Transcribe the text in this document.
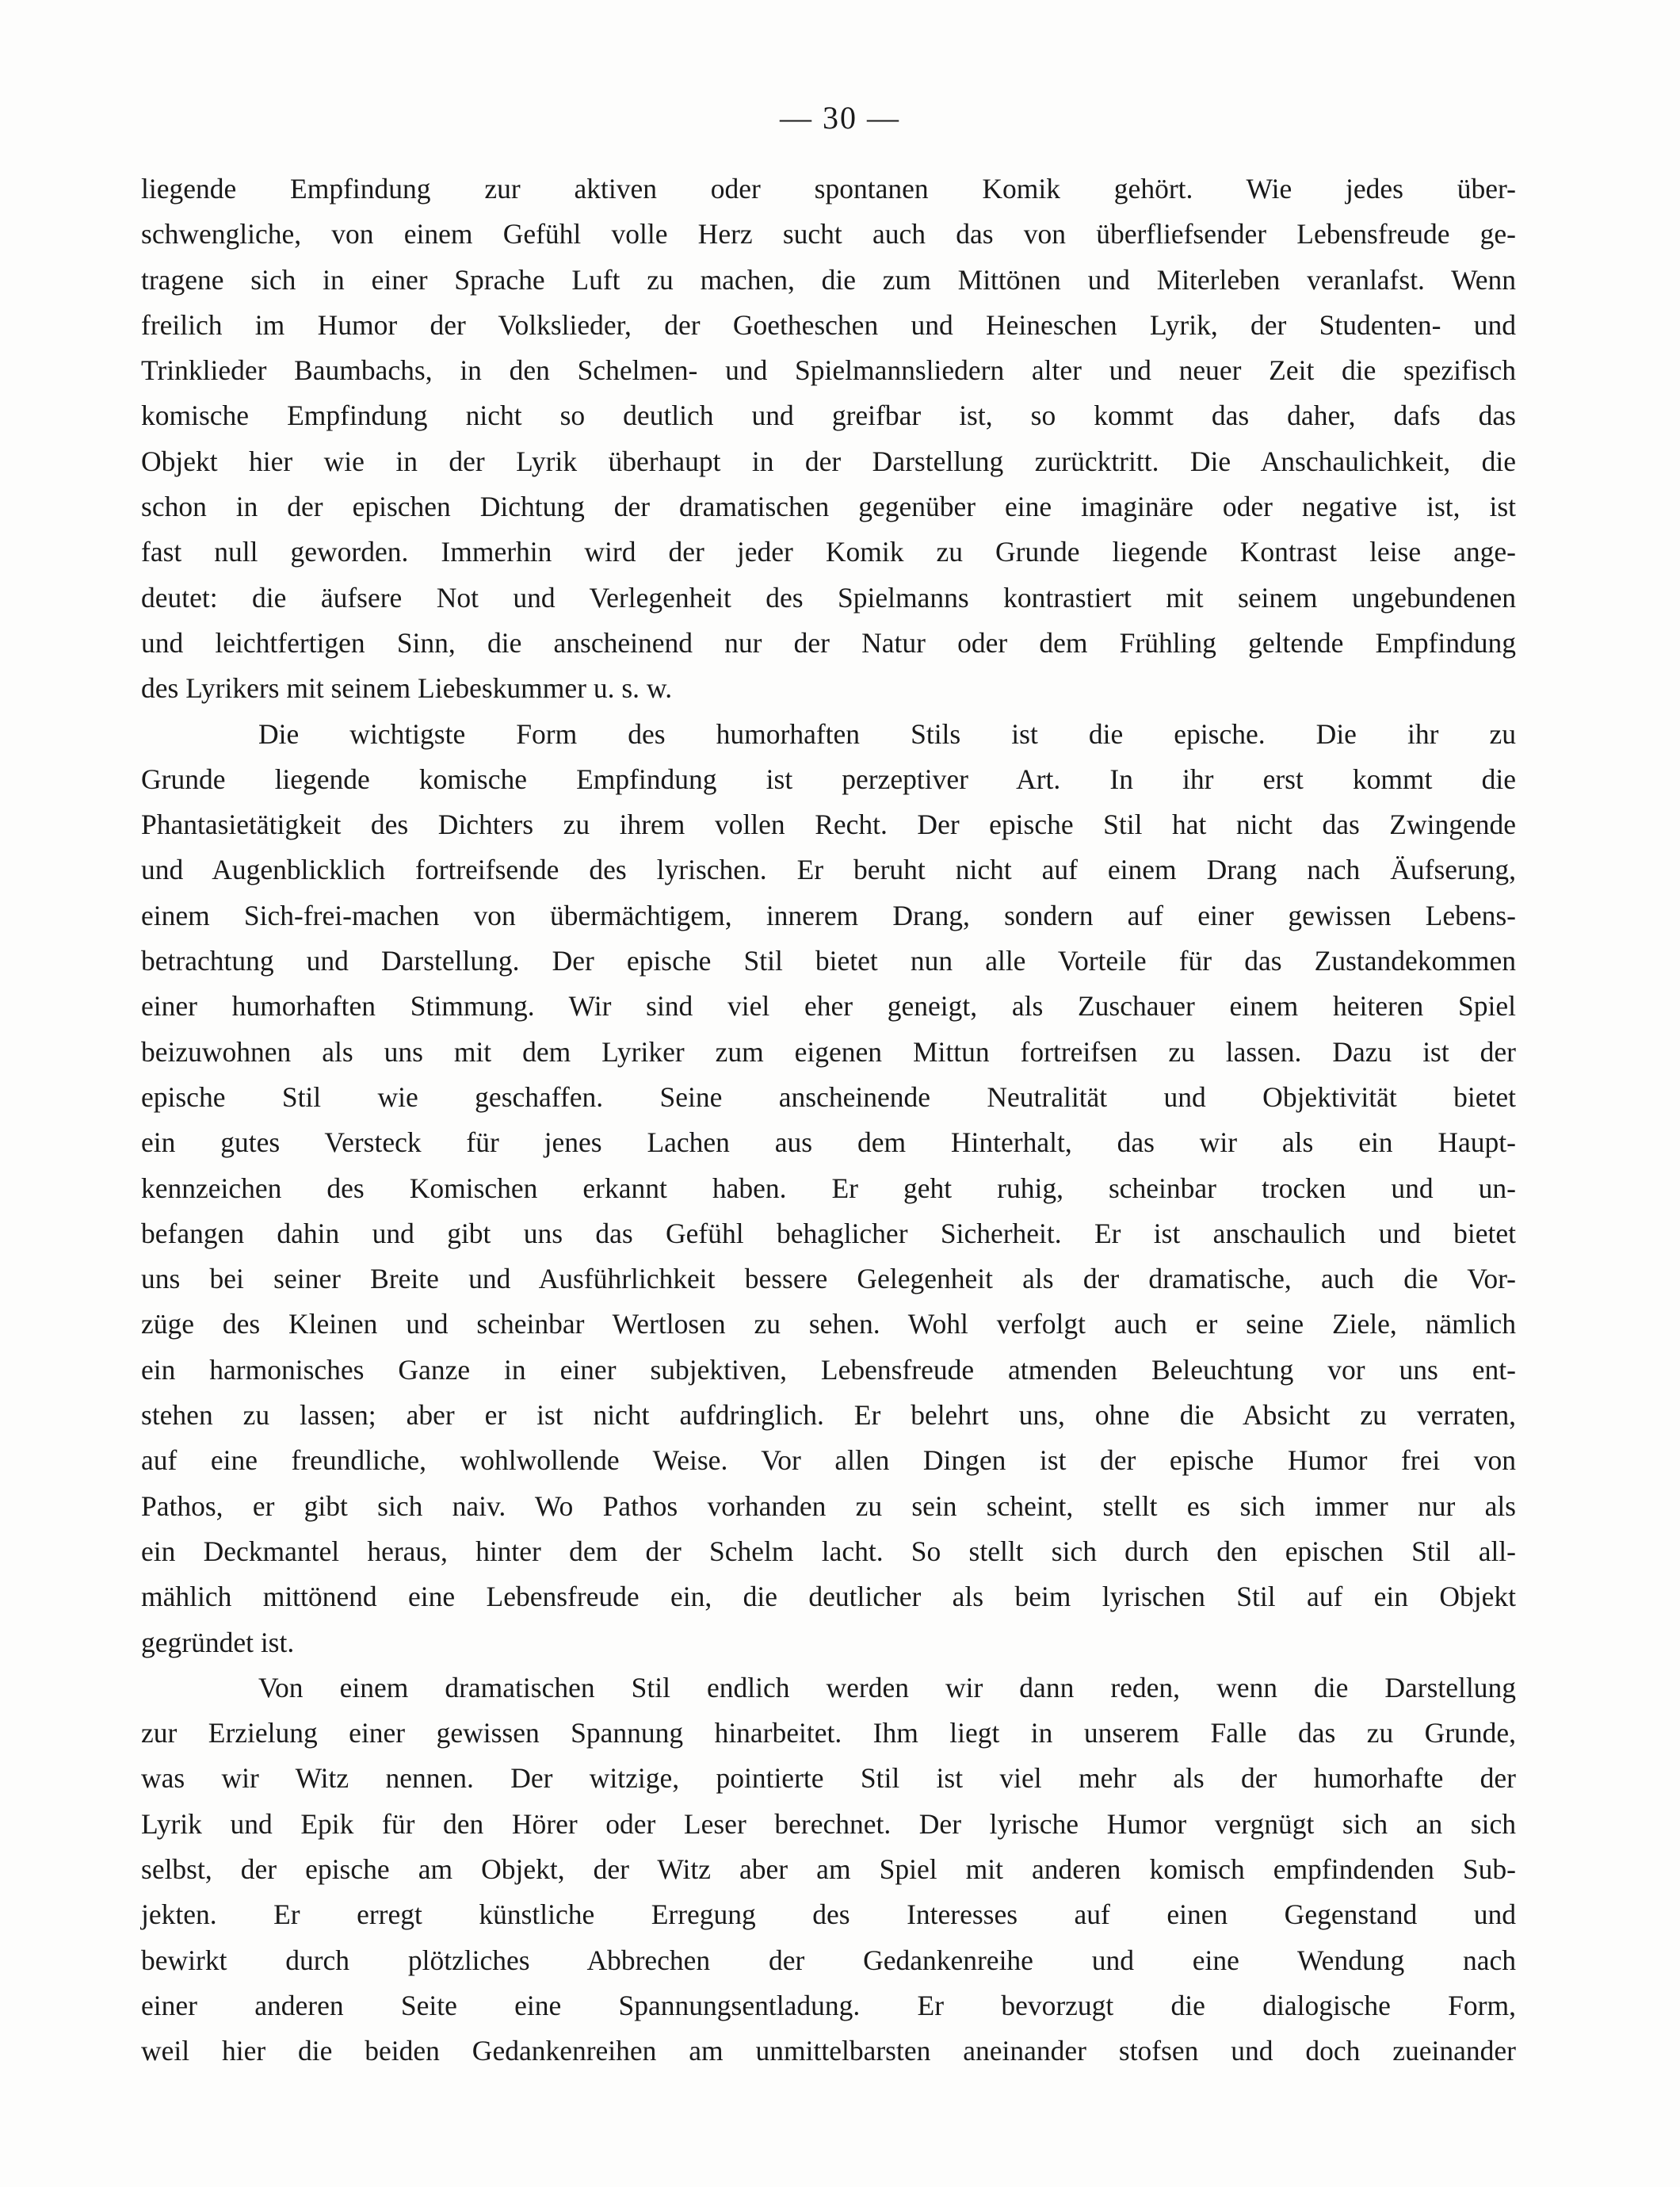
— 30 —
liegende Empfindung zur aktiven oder spontanen Komik gehört. Wie jedes über-
schwengliche, von einem Gefühl volle Herz sucht auch das von überfliefsender Lebensfreude ge-
tragene sich in einer Sprache Luft zu machen, die zum Mittönen und Miterleben veranlafst. Wenn
freilich im Humor der Volkslieder, der Goetheschen und Heineschen Lyrik, der Studenten- und
Trinklieder Baumbachs, in den Schelmen- und Spielmannsliedern alter und neuer Zeit die spezifisch
komische Empfindung nicht so deutlich und greifbar ist, so kommt das daher, dafs das
Objekt hier wie in der Lyrik überhaupt in der Darstellung zurücktritt. Die Anschaulichkeit, die
schon in der epischen Dichtung der dramatischen gegenüber eine imaginäre oder negative ist, ist
fast null geworden. Immerhin wird der jeder Komik zu Grunde liegende Kontrast leise ange-
deutet: die äufsere Not und Verlegenheit des Spielmanns kontrastiert mit seinem ungebundenen
und leichtfertigen Sinn, die anscheinend nur der Natur oder dem Frühling geltende Empfindung
des Lyrikers mit seinem Liebeskummer u. s. w.
Die wichtigste Form des humorhaften Stils ist die epische. Die ihr zu
Grunde liegende komische Empfindung ist perzeptiver Art. In ihr erst kommt die
Phantasietätigkeit des Dichters zu ihrem vollen Recht. Der epische Stil hat nicht das Zwingende
und Augenblicklich fortreifsende des lyrischen. Er beruht nicht auf einem Drang nach Äufserung,
einem Sich-frei-machen von übermächtigem, innerem Drang, sondern auf einer gewissen Lebens-
betrachtung und Darstellung. Der epische Stil bietet nun alle Vorteile für das Zustandekommen
einer humorhaften Stimmung. Wir sind viel eher geneigt, als Zuschauer einem heiteren Spiel
beizuwohnen als uns mit dem Lyriker zum eigenen Mittun fortreifsen zu lassen. Dazu ist der
epische Stil wie geschaffen. Seine anscheinende Neutralität und Objektivität bietet
ein gutes Versteck für jenes Lachen aus dem Hinterhalt, das wir als ein Haupt-
kennzeichen des Komischen erkannt haben. Er geht ruhig, scheinbar trocken und un-
befangen dahin und gibt uns das Gefühl behaglicher Sicherheit. Er ist anschaulich und bietet
uns bei seiner Breite und Ausführlichkeit bessere Gelegenheit als der dramatische, auch die Vor-
züge des Kleinen und scheinbar Wertlosen zu sehen. Wohl verfolgt auch er seine Ziele, nämlich
ein harmonisches Ganze in einer subjektiven, Lebensfreude atmenden Beleuchtung vor uns ent-
stehen zu lassen; aber er ist nicht aufdringlich. Er belehrt uns, ohne die Absicht zu verraten,
auf eine freundliche, wohlwollende Weise. Vor allen Dingen ist der epische Humor frei von
Pathos, er gibt sich naiv. Wo Pathos vorhanden zu sein scheint, stellt es sich immer nur als
ein Deckmantel heraus, hinter dem der Schelm lacht. So stellt sich durch den epischen Stil all-
mählich mittönend eine Lebensfreude ein, die deutlicher als beim lyrischen Stil auf ein Objekt
gegründet ist.
Von einem dramatischen Stil endlich werden wir dann reden, wenn die Darstellung
zur Erzielung einer gewissen Spannung hinarbeitet. Ihm liegt in unserem Falle das zu Grunde,
was wir Witz nennen. Der witzige, pointierte Stil ist viel mehr als der humorhafte der
Lyrik und Epik für den Hörer oder Leser berechnet. Der lyrische Humor vergnügt sich an sich
selbst, der epische am Objekt, der Witz aber am Spiel mit anderen komisch empfindenden Sub-
jekten. Er erregt künstliche Erregung des Interesses auf einen Gegenstand und
bewirkt durch plötzliches Abbrechen der Gedankenreihe und eine Wendung nach
einer anderen Seite eine Spannungsentladung. Er bevorzugt die dialogische Form,
weil hier die beiden Gedankenreihen am unmittelbarsten aneinander stofsen und doch zueinander
